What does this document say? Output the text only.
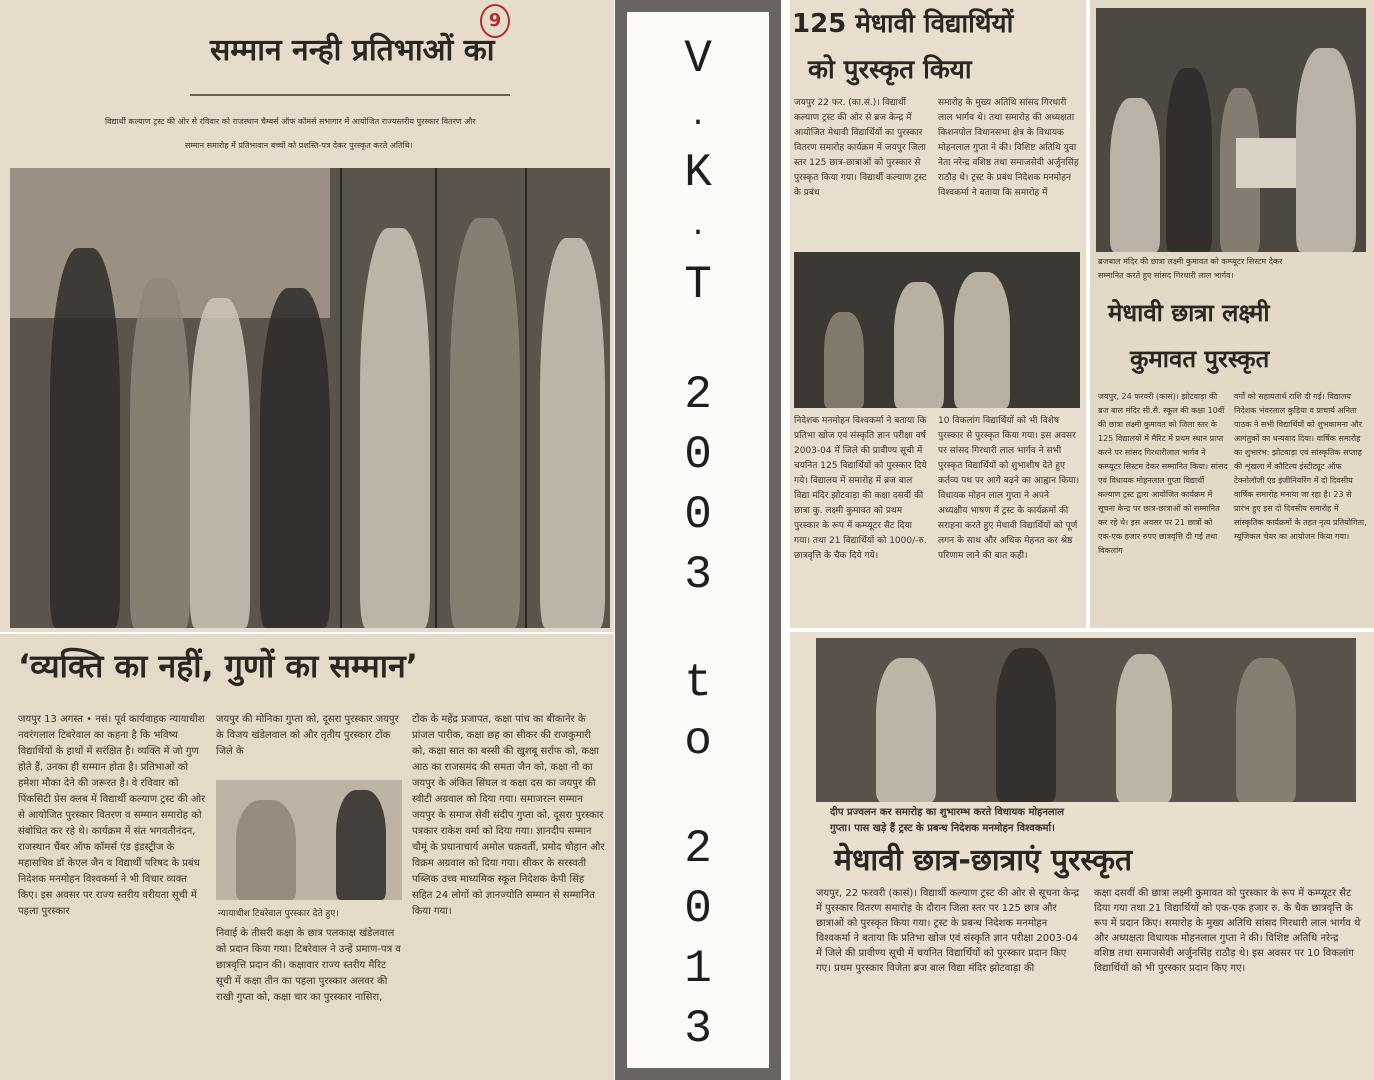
9
सम्मान नन्ही प्रतिभाओं का
विद्यार्थी कल्याण ट्रस्ट की ओर से रविवार को राजस्थान चैम्बर्स ऑफ कॉमर्स सभागार में आयोजित राज्यस्तरीय पुरस्कार वितरण और
सम्मान समारोह में प्रतिभावान बच्चों को प्रशस्ति-पत्र देकर पुरस्कृत करते अतिथि।
‘व्यक्ति का नहीं, गुणों का सम्मान’
जयपुर 13 अगस्त • नसं। पूर्व कार्यवाहक न्यायाधीश नवरंगलाल टिबरेवाल का कहना है कि भविष्य विद्यार्थियों के हाथों में सरंक्षित है। व्यक्ति में जो गुण होते हैं, उनका ही सम्मान होता है। प्रतिभाओं को हमेशा मौका देने की जरूरत है। वे रविवार को पिंकसिटी प्रेस क्लब में विद्यार्थी कल्याण ट्रस्ट की ओर से आयोजित पुरस्कार वितरण व सम्मान समारोह को संबोधित कर रहे थे। कार्यक्रम में संत भगवतीनंदन, राजस्थान चैंबर ऑफ कॉमर्स एंड इंडस्ट्रीज के महासचिव डॉ केएल जैन व विद्यार्थी परिषद के प्रबंध निदेशक मनमोहन विश्वकर्मा ने भी विचार व्यक्त किए। इस अवसर पर राज्य स्तरीय वरीयता सूची में पहला पुरस्कार
जयपुर की मोनिका गुप्ता को, दूसरा पुरस्कार जयपुर के विजय खंडेलवाल को और तृतीय पुरस्कार टोंक जिले के
न्यायाधीश टिबरेवाल पुरस्कार देते हुए।
निवाई के तीसरी कक्षा के छात्र पलकाक्ष खंडेलवाल को प्रदान किया गया। टिबरेवाल ने उन्हें प्रमाण-पत्र व छात्रवृत्ति प्रदान की। कक्षावार राज्य स्तरीय मैरिट सूची में कक्षा तीन का पहला पुरस्कार अलवर की राखी गुप्ता को, कक्षा चार का पुरस्कार नासिरा,
टोंक के महेंद्र प्रजापत, कक्षा पांच का बीकानेर के प्रांजल पारीक, कक्षा छह का सीकर की राजकुमारी को, कक्षा सात का बस्सी की खुशबू सर्राफ को, कक्षा आठ का राजसमंद की समता जैन को, कक्षा नौ का जयपुर के अंकित सिंघल व कक्षा दस का जयपुर की स्वीटी अग्रवाल को दिया गया। समाजरत्न सम्मान जयपुर के समाज सेवी संदीप गुप्ता को, दूसरा पुरस्कार पत्रकार राकेश वर्मा को दिया गया। ज्ञानदीप सम्मान चौमूं के प्रधानाचार्य अमोल चक्रवर्ती, प्रमोद चौहान और विक्रम अग्रवाल को दिया गया। सीकर के सरस्वती पब्लिक उच्च माध्यमिक स्कूल निदेशक केपी सिंह सहित 24 लोगों को ज्ञानज्योति सम्मान से सम्मानित किया गया।
V
.
K
.
T
2
0
0
3
t
o
2
0
1
3
125 मेधावी विद्यार्थियों
को पुरस्कृत किया
जयपुर 22 फर. (का.सं.)। विद्यार्थी कल्याण ट्रस्ट की ओर से ब्रज केन्द्र में आयोजित मेधावी विद्यार्थियों का पुरस्कार वितरण समारोह कार्यक्रम में जयपुर जिला स्तर 125 छात्र-छात्राओं को पुरस्कार से पुरस्कृत किया गया। विद्यार्थी कल्याण ट्रस्ट के प्रबंध
समारोह के मुख्य अतिथि सांसद गिरधारी लाल भार्गव थे। तथा समारोह की अध्यक्षता किशनपोल विधानसभा क्षेत्र के विधायक मोहनलाल गुप्ता ने की। विशिष्ट अतिथि युवा नेता नरेन्द्र वशिष्ठ तथा समाजसेवी अर्जुनसिंह राठौड़ थे। ट्रस्ट के प्रबंध निदेशक मनमोहन विश्वकर्मा ने बताया कि समारोह में
निदेशक मनमोहन विश्वकर्मा ने बताया कि प्रतिभा खोज एवं संस्कृति ज्ञान परीक्षा वर्ष 2003-04 में जिले की प्रावीण्य सूची में चयनित 125 विद्यार्थियों को पुरस्कार दिये गये। विद्यालय में समारोह में ब्रज बाल विद्या मंदिर झोटवाड़ा की कक्षा दसवीं की छात्रा कु. लक्ष्मी कुमावत को प्रथम पुरस्कार के रूप में कम्प्यूटर सैट दिया गया। तथा 21 विद्यार्थियों को 1000/-रु. छात्रवृत्ति के चैक दिये गये।
10 विकलांग विद्यार्थियों को भी विशेष पुरस्कार से पुरस्कृत किया गया। इस अवसर पर सांसद गिरधारी लाल भार्गव ने सभी पुरस्कृत विद्यार्थियों को शुभाशीष देते हुए कर्तव्य पथ पर आगे बढ़ने का आह्वान किया। विधायक मोहन लाल गुप्ता ने अपने अध्यक्षीय भाषण में ट्रस्ट के कार्यक्रमों की सराहना करते हुए मेधावी विद्यार्थियों को पूर्ण लगन के साथ और अधिक मेहनत कर श्रेष्ठ परिणाम लाने की बात कही।
ब्रजबाल मंदिर की छात्रा लक्ष्मी कुमावत को कम्प्यूटर सिस्टम देकर
सम्मानित करते हुए सांसद गिरधारी लाल भार्गव।
मेधावी छात्रा लक्ष्मी
कुमावत पुरस्कृत
जयपुर, 24 फरवरी (कासं)। झोटवाड़ा की ब्रज बाल मंदिर सी.सै. स्कूल की कक्षा 10वीं की छात्रा लक्ष्मी कुमावत को जिला स्तर के 125 विद्यालयों में मैरिट में प्रथम स्थान प्राप्त करने पर सांसद गिरधारीलाल भार्गव ने कम्प्यूटर सिस्टम देकर सम्मानित किया। सांसद एवं विधायक मोहनलाल गुप्ता विद्यार्थी कल्याण ट्रस्ट द्वारा आयोजित कार्यक्रम में सूचना केन्द्र पर छात्र-छात्राओं को सम्मानित कर रहे थे। इस अवसर पर 21 छात्रों को एक-एक हजार रुपए छात्रवृत्ति दी गई तथा विकलांग
वर्गों को सहायतार्थ राशि दी गई। विद्यालय निदेशक भंवरलाल कुड़िया व प्राचार्य अनिता पाठक ने सभी विद्यार्थियों को शुभकामना और आगंतुकों का धन्यवाद दिया। वार्षिक समारोह का शुभारंभ: झोटवाड़ा एवं सांस्कृतिक सप्ताह की शृंखला में कौटिल्य इंस्टीट्यूट ऑफ टेक्नोलॉजी एंड इंजीनियरिंग में दो दिवसीय वार्षिक समारोह मनाया जा रहा है। 23 से प्रारंभ हुए इस दो दिवसीय समारोह में सांस्कृतिक कार्यक्रमों के तहत नृत्य प्रतियोगिता, म्यूजिकल चेयर का आयोजन किया गया।
दीप प्रज्वलन कर समारोह का शुभारम्भ करते विधायक मोहनलाल
गुप्ता। पास खड़े हैं ट्रस्ट के प्रबन्ध निदेशक मनमोहन विश्वकर्मा।
मेधावी छात्र-छात्राएं पुरस्कृत
जयपुर, 22 फरवरी (कासं)। विद्यार्थी कल्याण ट्रस्ट की ओर से सूचना केन्द्र में पुरस्कार वितरण समारोह के दौरान जिला स्तर पर 125 छात्र और छात्राओं को पुरस्कृत किया गया। ट्रस्ट के प्रबन्ध निदेशक मनमोहन विश्वकर्मा ने बताया कि प्रतिभा खोज एवं संस्कृति ज्ञान परीक्षा 2003-04 में जिले की प्रावीण्य सूची में चयनित विद्यार्थियों को पुरस्कार प्रदान किए गए। प्रथम पुरस्कार विजेता ब्रज बाल विद्या मंदिर झोटवाड़ा की
कक्षा दसवीं की छात्रा लक्ष्मी कुमावत को पुरस्कार के रूप में कम्प्यूटर सैट दिया गया तथा 21 विद्यार्थियों को एक-एक हजार रु. के चैक छात्रवृत्ति के रूप में प्रदान किए। समारोह के मुख्य अतिथि सांसद गिरधारी लाल भार्गव थे और अध्यक्षता विधायक मोहनलाल गुप्ता ने की। विशिष्ट अतिथि नरेन्द्र वशिष्ठ तथा समाजसेवी अर्जुनसिंह राठौड़ थे। इस अवसर पर 10 विकलांग विद्यार्थियों को भी पुरस्कार प्रदान किए गए।
